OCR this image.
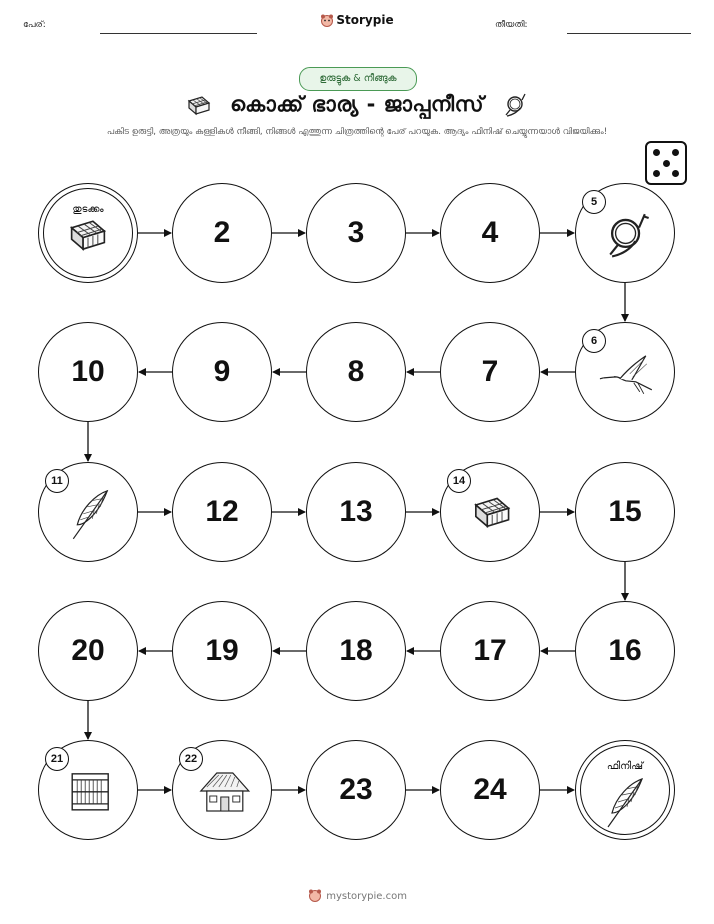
പേര്:	Storypie	തീയതി:
ഉരുട്ടുക & നീങ്ങുക
കൊക്ക് ഭാര്യ - ജാപ്പനീസ്
പകിട ഉരുട്ടി, അത്രയും കള്ളികൾ നീങ്ങി, നിങ്ങൾ എത്തുന്ന ചിത്രത്തിന്റെ പേര് പറയുക. ആദ്യം ഫിനിഷ് ചെയ്യുന്നയാൾ വിജയിക്കും!
തുടക്കം
2	3	4
5
6
7
8
9
10
11
12	13
14
15
16
17
18
19
20
21	22
23	24
ഫിനിഷ്
mystorypie.com
